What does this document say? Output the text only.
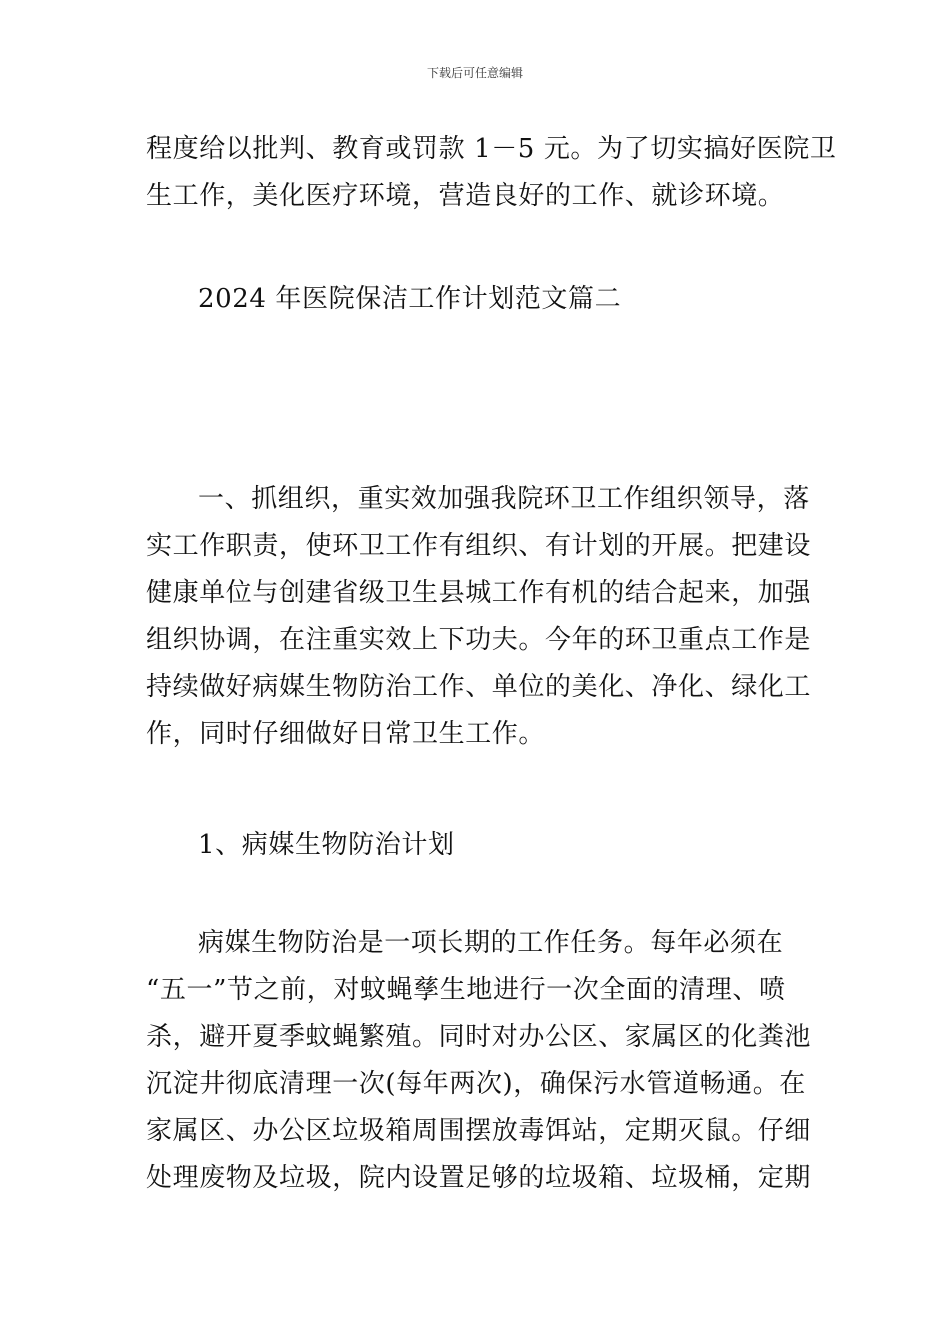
下载后可任意编辑
程度给以批判、教育或罚款 1－5 元。为了切实搞好医院卫
生工作，美化医疗环境，营造良好的工作、就诊环境。
2024 年医院保洁工作计划范文篇二
一、抓组织，重实效加强我院环卫工作组织领导，落
实工作职责，使环卫工作有组织、有计划的开展。把建设
健康单位与创建省级卫生县城工作有机的结合起来，加强
组织协调，在注重实效上下功夫。今年的环卫重点工作是
持续做好病媒生物防治工作、单位的美化、净化、绿化工
作，同时仔细做好日常卫生工作。
1、病媒生物防治计划
病媒生物防治是一项长期的工作任务。每年必须在
“五一”节之前，对蚊蝇孳生地进行一次全面的清理、喷
杀，避开夏季蚊蝇繁殖。同时对办公区、家属区的化粪池
沉淀井彻底清理一次(每年两次)，确保污水管道畅通。在
家属区、办公区垃圾箱周围摆放毒饵站，定期灭鼠。仔细
处理废物及垃圾，院内设置足够的垃圾箱、垃圾桶，定期
